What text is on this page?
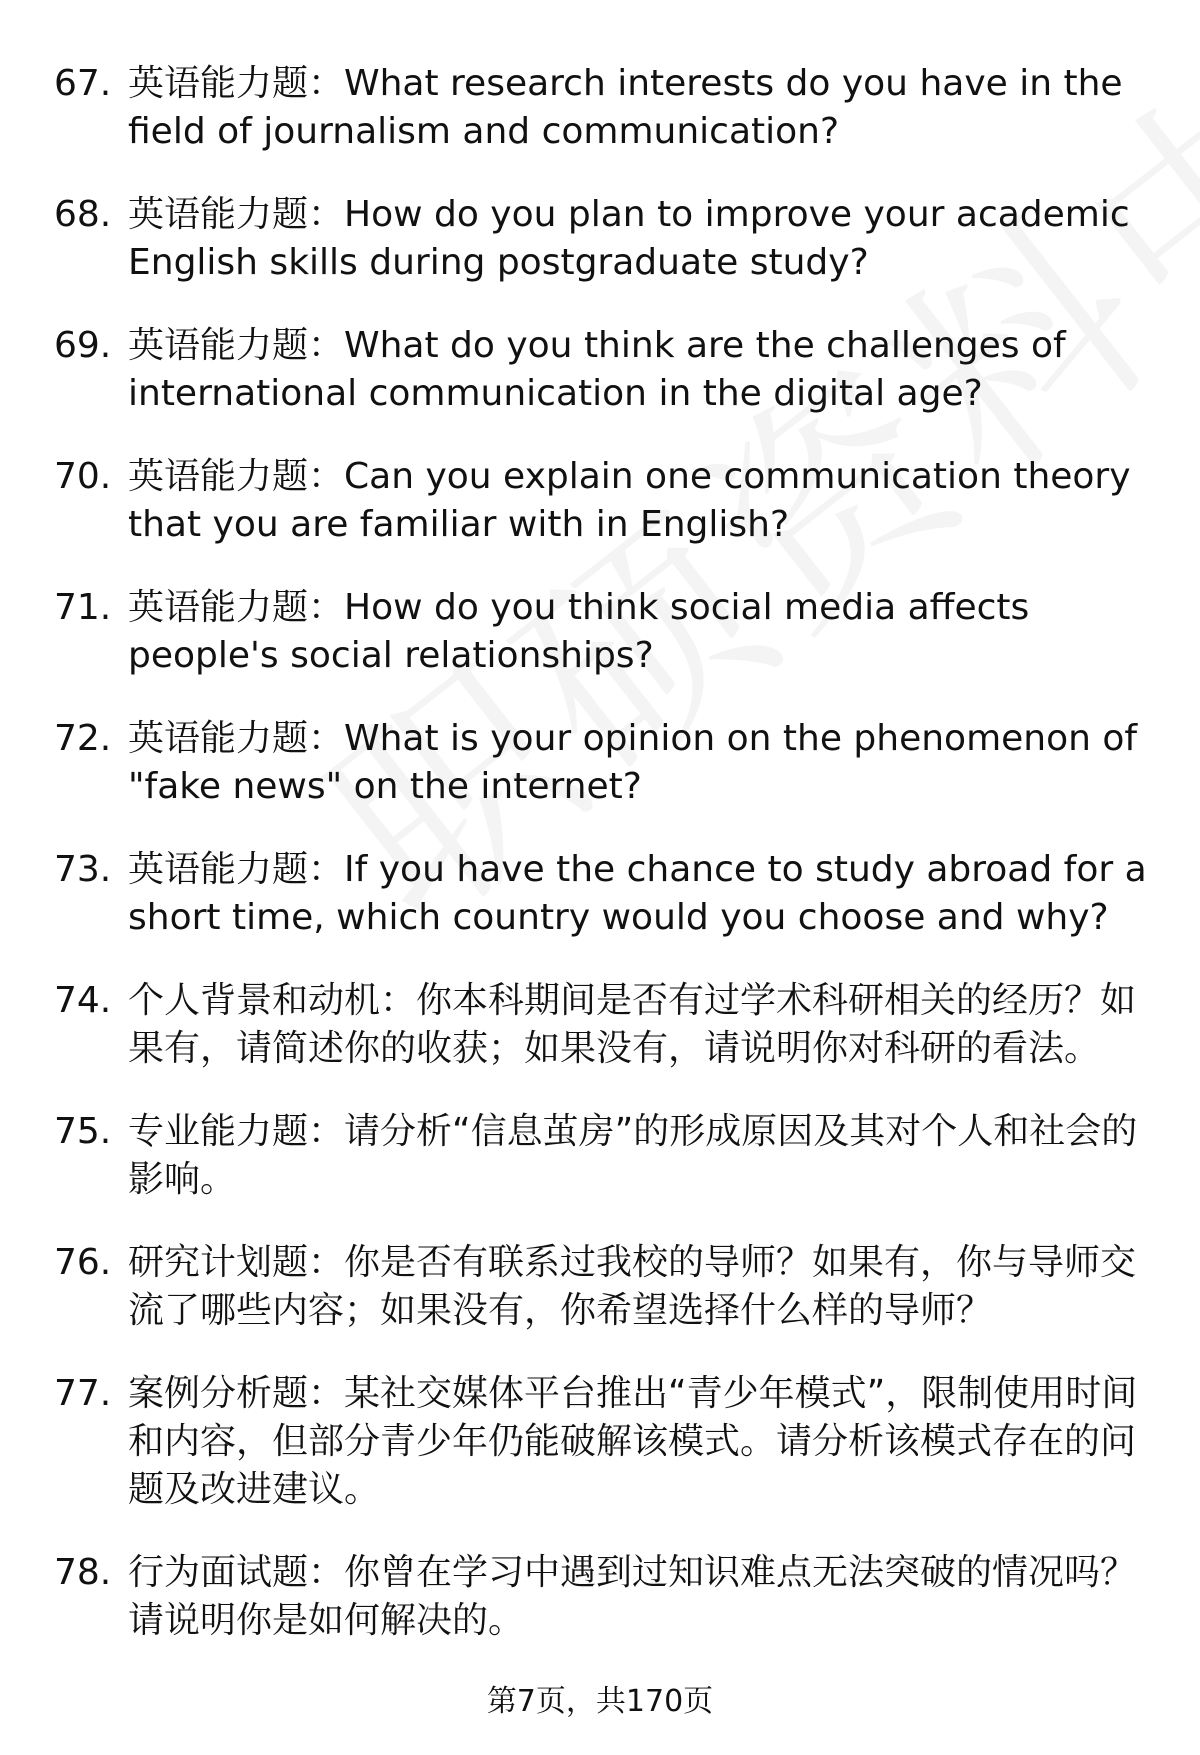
67. 英语能力题：What research interests do you have in the field of journalism and communication?
68. 英语能力题：How do you plan to improve your academic English skills during postgraduate study?
69. 英语能力题：What do you think are the challenges of international communication in the digital age?
70. 英语能力题：Can you explain one communication theory that you are familiar with in English?
71. 英语能力题：How do you think social media affects people's social relationships?
72. 英语能力题：What is your opinion on the phenomenon of "fake news" on the internet?
73. 英语能力题：If you have the chance to study abroad for a short time, which country would you choose and why?
74. 个人背景和动机：你本科期间是否有过学术科研相关的经历？如果有，请简述你的收获；如果没有，请说明你对科研的看法。
75. 专业能力题：请分析“信息茧房”的形成原因及其对个人和社会的影响。
76. 研究计划题：你是否有联系过我校的导师？如果有，你与导师交流了哪些内容；如果没有，你希望选择什么样的导师？
77. 案例分析题：某社交媒体平台推出“青少年模式”，限制使用时间和内容，但部分青少年仍能破解该模式。请分析该模式存在的问题及改进建议。
78. 行为面试题：你曾在学习中遇到过知识难点无法突破的情况吗？请说明你是如何解决的。
第7页，共170页
